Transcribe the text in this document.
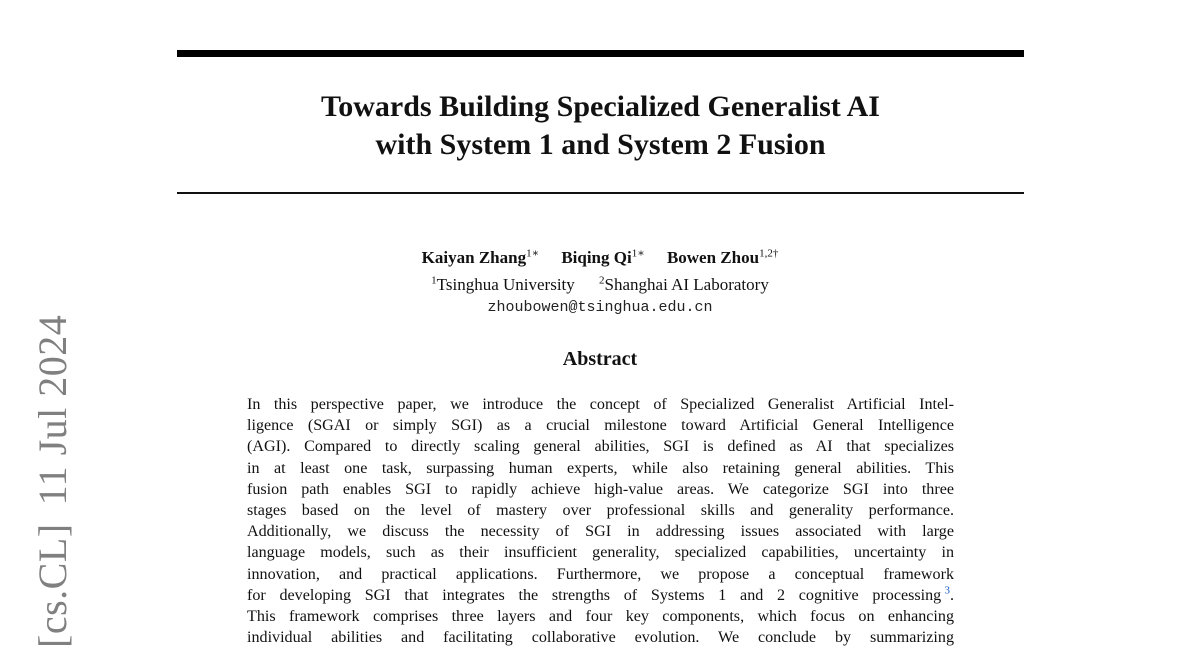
[cs.CL]11 Jul 2024
Towards Building Specialized Generalist AI
with System 1 and System 2 Fusion
Kaiyan Zhang$^{1∗}$ Biqing $Qi^{1∗}$ Bowen Zhou$^{1,2\dagger}$
$^1$Tsinghua University $^2$Shanghai AI Laboratory
zhoubowen@tsinghua.edu.cn
Abstract
In this perspective paper, we introduce the concept of Specialized Generalist Artificial Intel-
ligence (SGAI or simply SGI) as a crucial milestone toward Artificial General Intelligence
(AGI). Compared to directly scaling general abilities, SGI is defined as AI that specializes
in at least one task, surpassing human experts, while also retaining general abilities. This
fusion path enables SGI to rapidly achieve high-value areas. We categorize SGI into three
stages based on the level of mastery over professional skills and generality performance.
Additionally, we discuss the necessity of SGI in addressing issues associated with large
language models, such as their insufficient generality, specialized capabilities, uncertainty in
innovation, and practical applications. Furthermore, we propose a conceptual framework
for developing SGI that integrates the strengths of Systems 1 and 2 cognitive processing  $^3$.
This framework comprises three layers and four key components, which focus on enhancing
individual abilities and facilitating collaborative evolution. We conclude by summarizing
